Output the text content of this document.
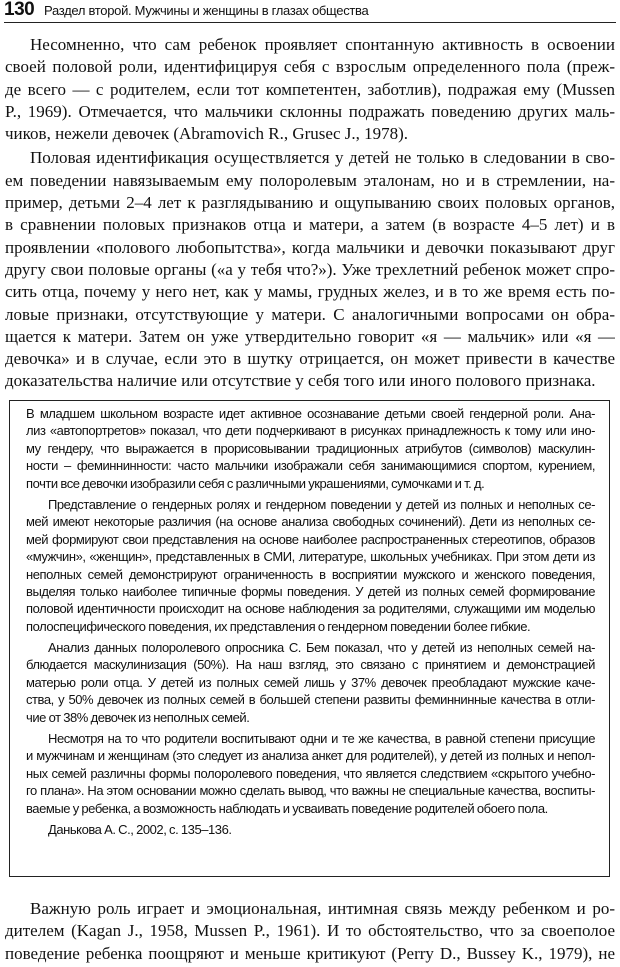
130 Раздел второй. Мужчины и женщины в глазах общества
Несомненно, что сам ребенок проявляет спонтанную активность в освоении
своей половой роли, идентифицируя себя с взрослым определенного пола (преж-
де всего — с родителем, если тот компетентен, заботлив), подражая ему (Mussen
P., 1969). Отмечается, что мальчики склонны подражать поведению других маль-
чиков, нежели девочек (Abramovich R., Grusec J., 1978).
Половая идентификация осуществляется у детей не только в следовании в сво-
ем поведении навязываемым ему полоролевым эталонам, но и в стремлении, на-
пример, детьми 2–4 лет к разглядыванию и ощупыванию своих половых органов,
в сравнении половых признаков отца и матери, а затем (в возрасте 4–5 лет) и в
проявлении «полового любопытства», когда мальчики и девочки показывают друг
другу свои половые органы («а у тебя что?»). Уже трехлетний ребенок может спро-
сить отца, почему у него нет, как у мамы, грудных желез, и в то же время есть по-
ловые признаки, отсутствующие у матери. С аналогичными вопросами он обра-
щается к матери. Затем он уже утвердительно говорит «я — мальчик» или «я —
девочка» и в случае, если это в шутку отрицается, он может привести в качестве
доказательства наличие или отсутствие у себя того или иного полового признака.
В младшем школьном возрасте идет активное осознавание детьми своей гендерной роли. Ана-
лиз «автопортретов» показал, что дети подчеркивают в рисунках принадлежность к тому или ино-
му гендеру, что выражается в прорисовывании традиционных атрибутов (символов) маскулин-
ности – феминнинности: часто мальчики изображали себя занимающимися спортом, курением,
почти все девочки изобразили себя с различными украшениями, сумочками и т. д.
Представление о гендерных ролях и гендерном поведении у детей из полных и неполных се-
мей имеют некоторые различия (на основе анализа свободных сочинений). Дети из неполных се-
мей формируют свои представления на основе наиболее распространенных стереотипов, образов
«мужчин», «женщин», представленных в СМИ, литературе, школьных учебниках. При этом дети из
неполных семей демонстрируют ограниченность в восприятии мужского и женского поведения,
выделяя только наиболее типичные формы поведения. У детей из полных семей формирование
половой идентичности происходит на основе наблюдения за родителями, служащими им моделью
полоспецифического поведения, их представления о гендерном поведении более гибкие.
Анализ данных полоролевого опросника С. Бем показал, что у детей из неполных семей на-
блюдается маскулинизация (50%). На наш взгляд, это связано с принятием и демонстрацией
матерью роли отца. У детей из полных семей лишь у 37% девочек преобладают мужские каче-
ства, у 50% девочек из полных семей в большей степени развиты феминнинные качества в отли-
чие от 38% девочек из неполных семей.
Несмотря на то что родители воспитывают одни и те же качества, в равной степени присущие
и мужчинам и женщинам (это следует из анализа анкет для родителей), у детей из полных и непол-
ных семей различны формы полоролевого поведения, что является следствием «скрытого учебно-
го плана». На этом основании можно сделать вывод, что важны не специальные качества, воспиты-
ваемые у ребенка, а возможность наблюдать и усваивать поведение родителей обоего пола.
Данькова А. С., 2002, с. 135–136.
Важную роль играет и эмоциональная, интимная связь между ребенком и ро-
дителем (Kagan J., 1958, Mussen P., 1961). И то обстоятельство, что за своеполое
поведение ребенка поощряют и меньше критикуют (Perry D., Bussey K., 1979), не
